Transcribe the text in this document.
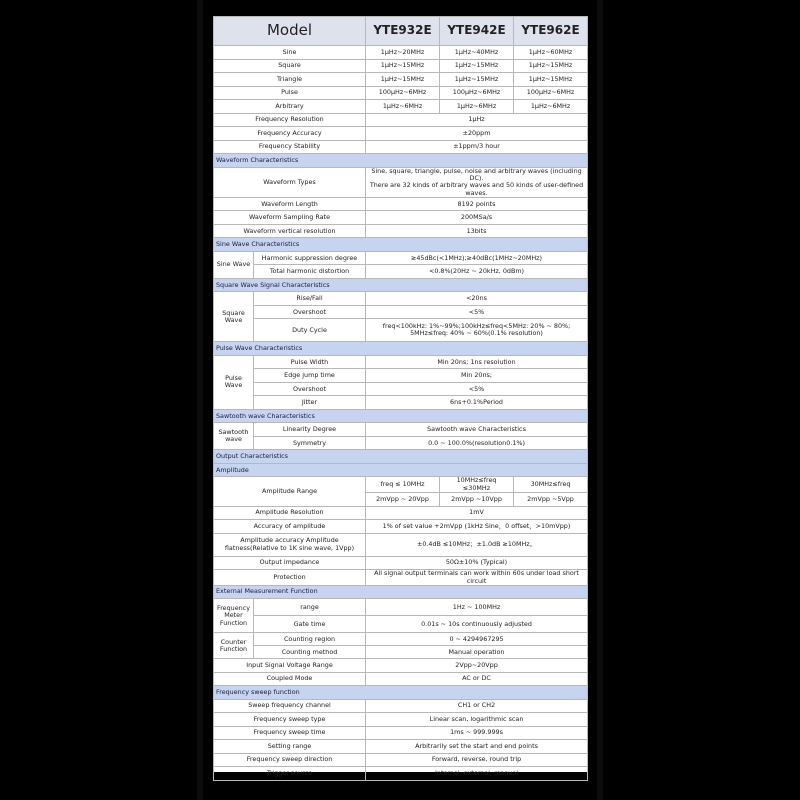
Model		YTE932E	YTE942E	YTE962E
Sine		1μHz~20MHz	1μHz~40MHz	1μHz~60MHz
Square		1μHz~15MHz	1μHz~15MHz	1μHz~15MHz
Triangle		1μHz~15MHz	1μHz~15MHz	1μHz~15MHz
Pulse		100μHz~6MHz	100μHz~6MHz	100μHz~6MHz
Arbitrary		1μHz~6MHz	1μHz~6MHz	1μHz~6MHz
Frequency Resolution		1μHz		
Frequency Accuracy		±20ppm		
Frequency Stability		±1ppm/3 hour		
Waveform Characteristics				
Waveform Types		Sine, square, triangle, pulse, noise and arbitrary waves (including DC).
There are 32 kinds of arbitrary waves and 50 kinds of user-defined waves.		
Waveform Length		8192 points		
Waveform Sampling Rate		200MSa/s		
Waveform vertical resolution		13bits		
Sine Wave Characteristics				
Sine Wave	Harmonic suppression degree	≥45dBc(<1MHz);≥40dBc(1MHz~20MHz)		
	Total harmonic distortion	<0.8%(20Hz ~ 20kHz, 0dBm)		
Square Wave Signal Characteristics				
Square Wave	Rise/Fall	<20ns		
	Overshoot	<5%		
	Duty Cycle	freq<100kHz: 1%~99%;100kHz≤freq<5MHz: 20% ~ 80%;
5MHz≤freq: 40% ~ 60%(0.1% resolution)		
Pulse Wave Characteristics				
Pulse Wave	Pulse Width	Min 20ns; 1ns resolution		
	Edge jump time	Min 20ns;		
	Overshoot	<5%		
	Jitter	6ns+0.1%Period		
Sawtooth wave Characteristics				
Sawtooth wave	Linearity Degree	Sawtooth wave Characteristics		
	Symmetry	0.0 ~ 100.0%(resolution0.1%)		
Output Characteristics				
Amplitude				
Amplitude Range		freq ≤ 10MHz	10MHz≤freq ≤30MHz	30MHz≤freq
		2mVpp ~ 20Vpp	2mVpp ~10Vpp	2mVpp ~5Vpp
Amplitude Resolution		1mV		
Accuracy of amplitude		1% of set value +2mVpp (1kHz Sine，0 offset，>10mVpp)		
Amplitude accuracy Amplitude flatness(Relative to 1K sine wave, 1Vpp)		±0.4dB ≤10MHz；±1.0dB ≥10MHz。		
Output impedance		50Ω±10% (Typical)		
Protection		All signal output terminals can work within 60s under load short circuit		
External Measurement Function				
Frequency Meter Function	range	1Hz ~ 100MHz		
	Gate time	0.01s ~ 10s continuously adjusted		
Counter Function	Counting region	0 ~ 4294967295		
	Counting method	Manual operation		
Input Signal Voltage Range		2Vpp~20Vpp		
Coupled Mode		AC or DC		
Frequency sweep function				
Sweep frequency channel		CH1 or CH2		
Frequency sweep type		Linear scan, logarithmic scan		
Frequency sweep time		1ms ~ 999.999s		
Setting range		Arbitrarily set the start and end points		
Frequency sweep direction		Forward, reverse, round trip		
Trigger source		Internal, external, manual		
